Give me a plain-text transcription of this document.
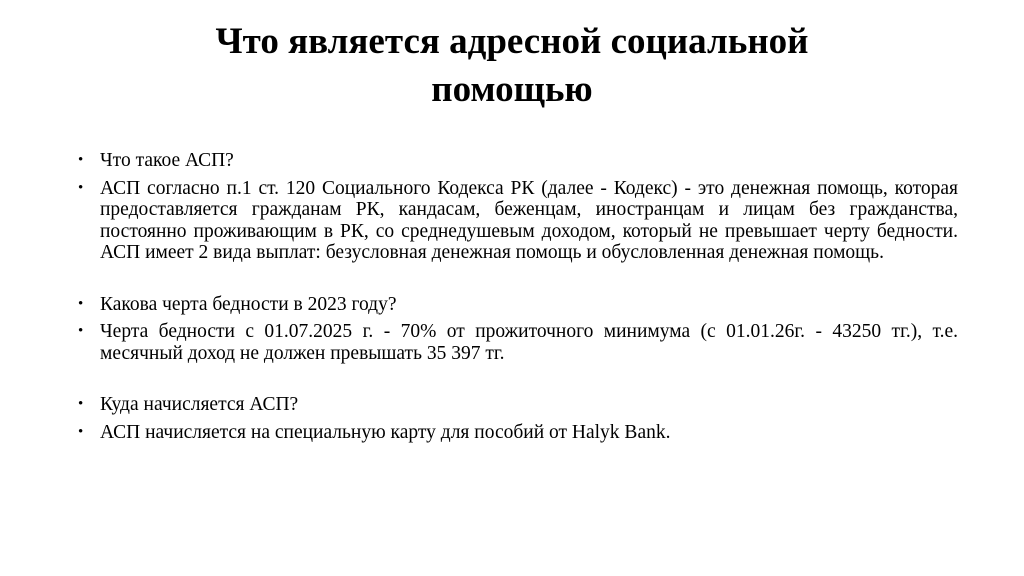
Что является адресной социальной
помощью
• Что такое АСП?
• АСП согласно п.1 ст. 120 Социального Кодекса РК (далее - Кодекс) - это денежная помощь, которая предоставляется гражданам РК, кандасам, беженцам, иностранцам и лицам без гражданства, постоянно проживающим в РК, со среднедушевым доходом, который не превышает черту бедности. АСП имеет 2 вида выплат: безусловная денежная помощь и обусловленная денежная помощь.
• Какова черта бедности в 2023 году?
• Черта бедности с 01.07.2025 г. - 70% от прожиточного минимума (с 01.01.26г. - 43250 тг.), т.е. месячный доход не должен превышать 35 397 тг.
• Куда начисляется АСП?
• АСП начисляется на специальную карту для пособий от Halyk Bank.
